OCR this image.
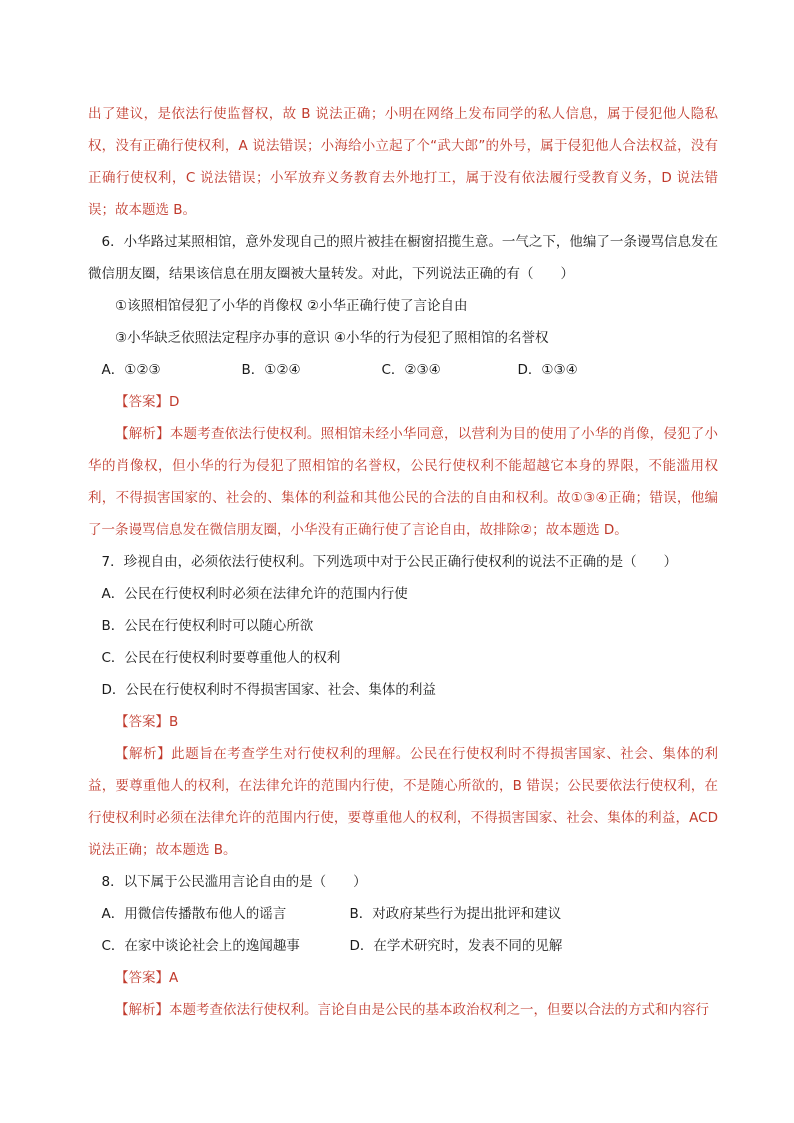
出了建议，是依法行使监督权，故 B 说法正确；小明在网络上发布同学的私人信息，属于侵犯他人隐私权，没有正确行使权利，A 说法错误；小海给小立起了个“武大郎”的外号，属于侵犯他人合法权益，没有正确行使权利，C 说法错误；小军放弃义务教育去外地打工，属于没有依法履行受教育义务，D 说法错误；故本题选 B。

6．小华路过某照相馆，意外发现自己的照片被挂在橱窗招揽生意。一气之下，他编了一条谩骂信息发在微信朋友圈，结果该信息在朋友圈被大量转发。对此，下列说法正确的有（　　）

①该照相馆侵犯了小华的肖像权 ②小华正确行使了言论自由

③小华缺乏依照法定程序办事的意识 ④小华的行为侵犯了照相馆的名誉权

A．①②③	B．①②④	C．②③④	D．①③④

【答案】D

【解析】本题考查依法行使权利。照相馆未经小华同意，以营利为目的使用了小华的肖像，侵犯了小华的肖像权，但小华的行为侵犯了照相馆的名誉权，公民行使权利不能超越它本身的界限，不能滥用权利，不得损害国家的、社会的、集体的利益和其他公民的合法的自由和权利。故①③④正确；错误，他编了一条谩骂信息发在微信朋友圈，小华没有正确行使了言论自由，故排除②；故本题选 D。

7．珍视自由，必须依法行使权利。下列选项中对于公民正确行使权利的说法不正确的是（　　）

A．公民在行使权利时必须在法律允许的范围内行使

B．公民在行使权利时可以随心所欲

C．公民在行使权利时要尊重他人的权利

D．公民在行使权利时不得损害国家、社会、集体的利益

【答案】B

【解析】此题旨在考查学生对行使权利的理解。公民在行使权利时不得损害国家、社会、集体的利益，要尊重他人的权利，在法律允许的范围内行使，不是随心所欲的，B 错误；公民要依法行使权利，在行使权利时必须在法律允许的范围内行使，要尊重他人的权利，不得损害国家、社会、集体的利益，ACD 说法正确；故本题选 B。

8．以下属于公民滥用言论自由的是（　　）

A．用微信传播散布他人的谣言	B．对政府某些行为提出批评和建议
C．在家中谈论社会上的逸闻趣事	D．在学术研究时，发表不同的见解

【答案】A

【解析】本题考查依法行使权利。言论自由是公民的基本政治权利之一，但要以合法的方式和内容行
